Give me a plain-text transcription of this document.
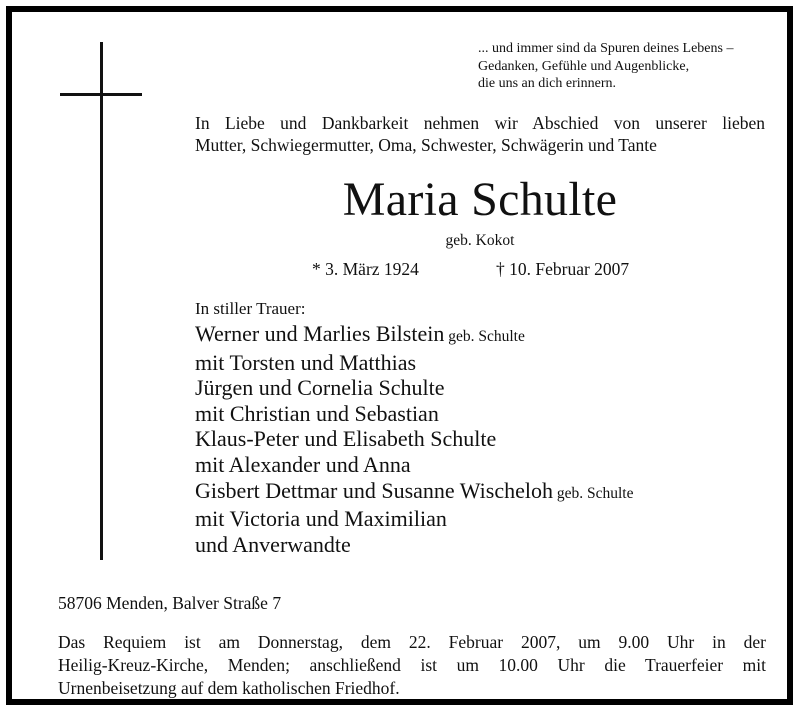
... und immer sind da Spuren deines Lebens –
Gedanken, Gefühle und Augenblicke,
die uns an dich erinnern.
In Liebe und Dankbarkeit nehmen wir Abschied von unserer lieben
Mutter, Schwiegermutter, Oma, Schwester, Schwägerin und Tante
Maria Schulte
geb. Kokot
* 3. März 1924	† 10. Februar 2007
In stiller Trauer:
Werner und Marlies Bilstein geb. Schulte
mit Torsten und Matthias
Jürgen und Cornelia Schulte
mit Christian und Sebastian
Klaus-Peter und Elisabeth Schulte
mit Alexander und Anna
Gisbert Dettmar und Susanne Wischeloh geb. Schulte
mit Victoria und Maximilian
und Anverwandte
58706 Menden, Balver Straße 7
Das Requiem ist am Donnerstag, dem 22. Februar 2007, um 9.00 Uhr in der
Heilig-Kreuz-Kirche, Menden; anschließend ist um 10.00 Uhr die Trauerfeier mit
Urnenbeisetzung auf dem katholischen Friedhof.
